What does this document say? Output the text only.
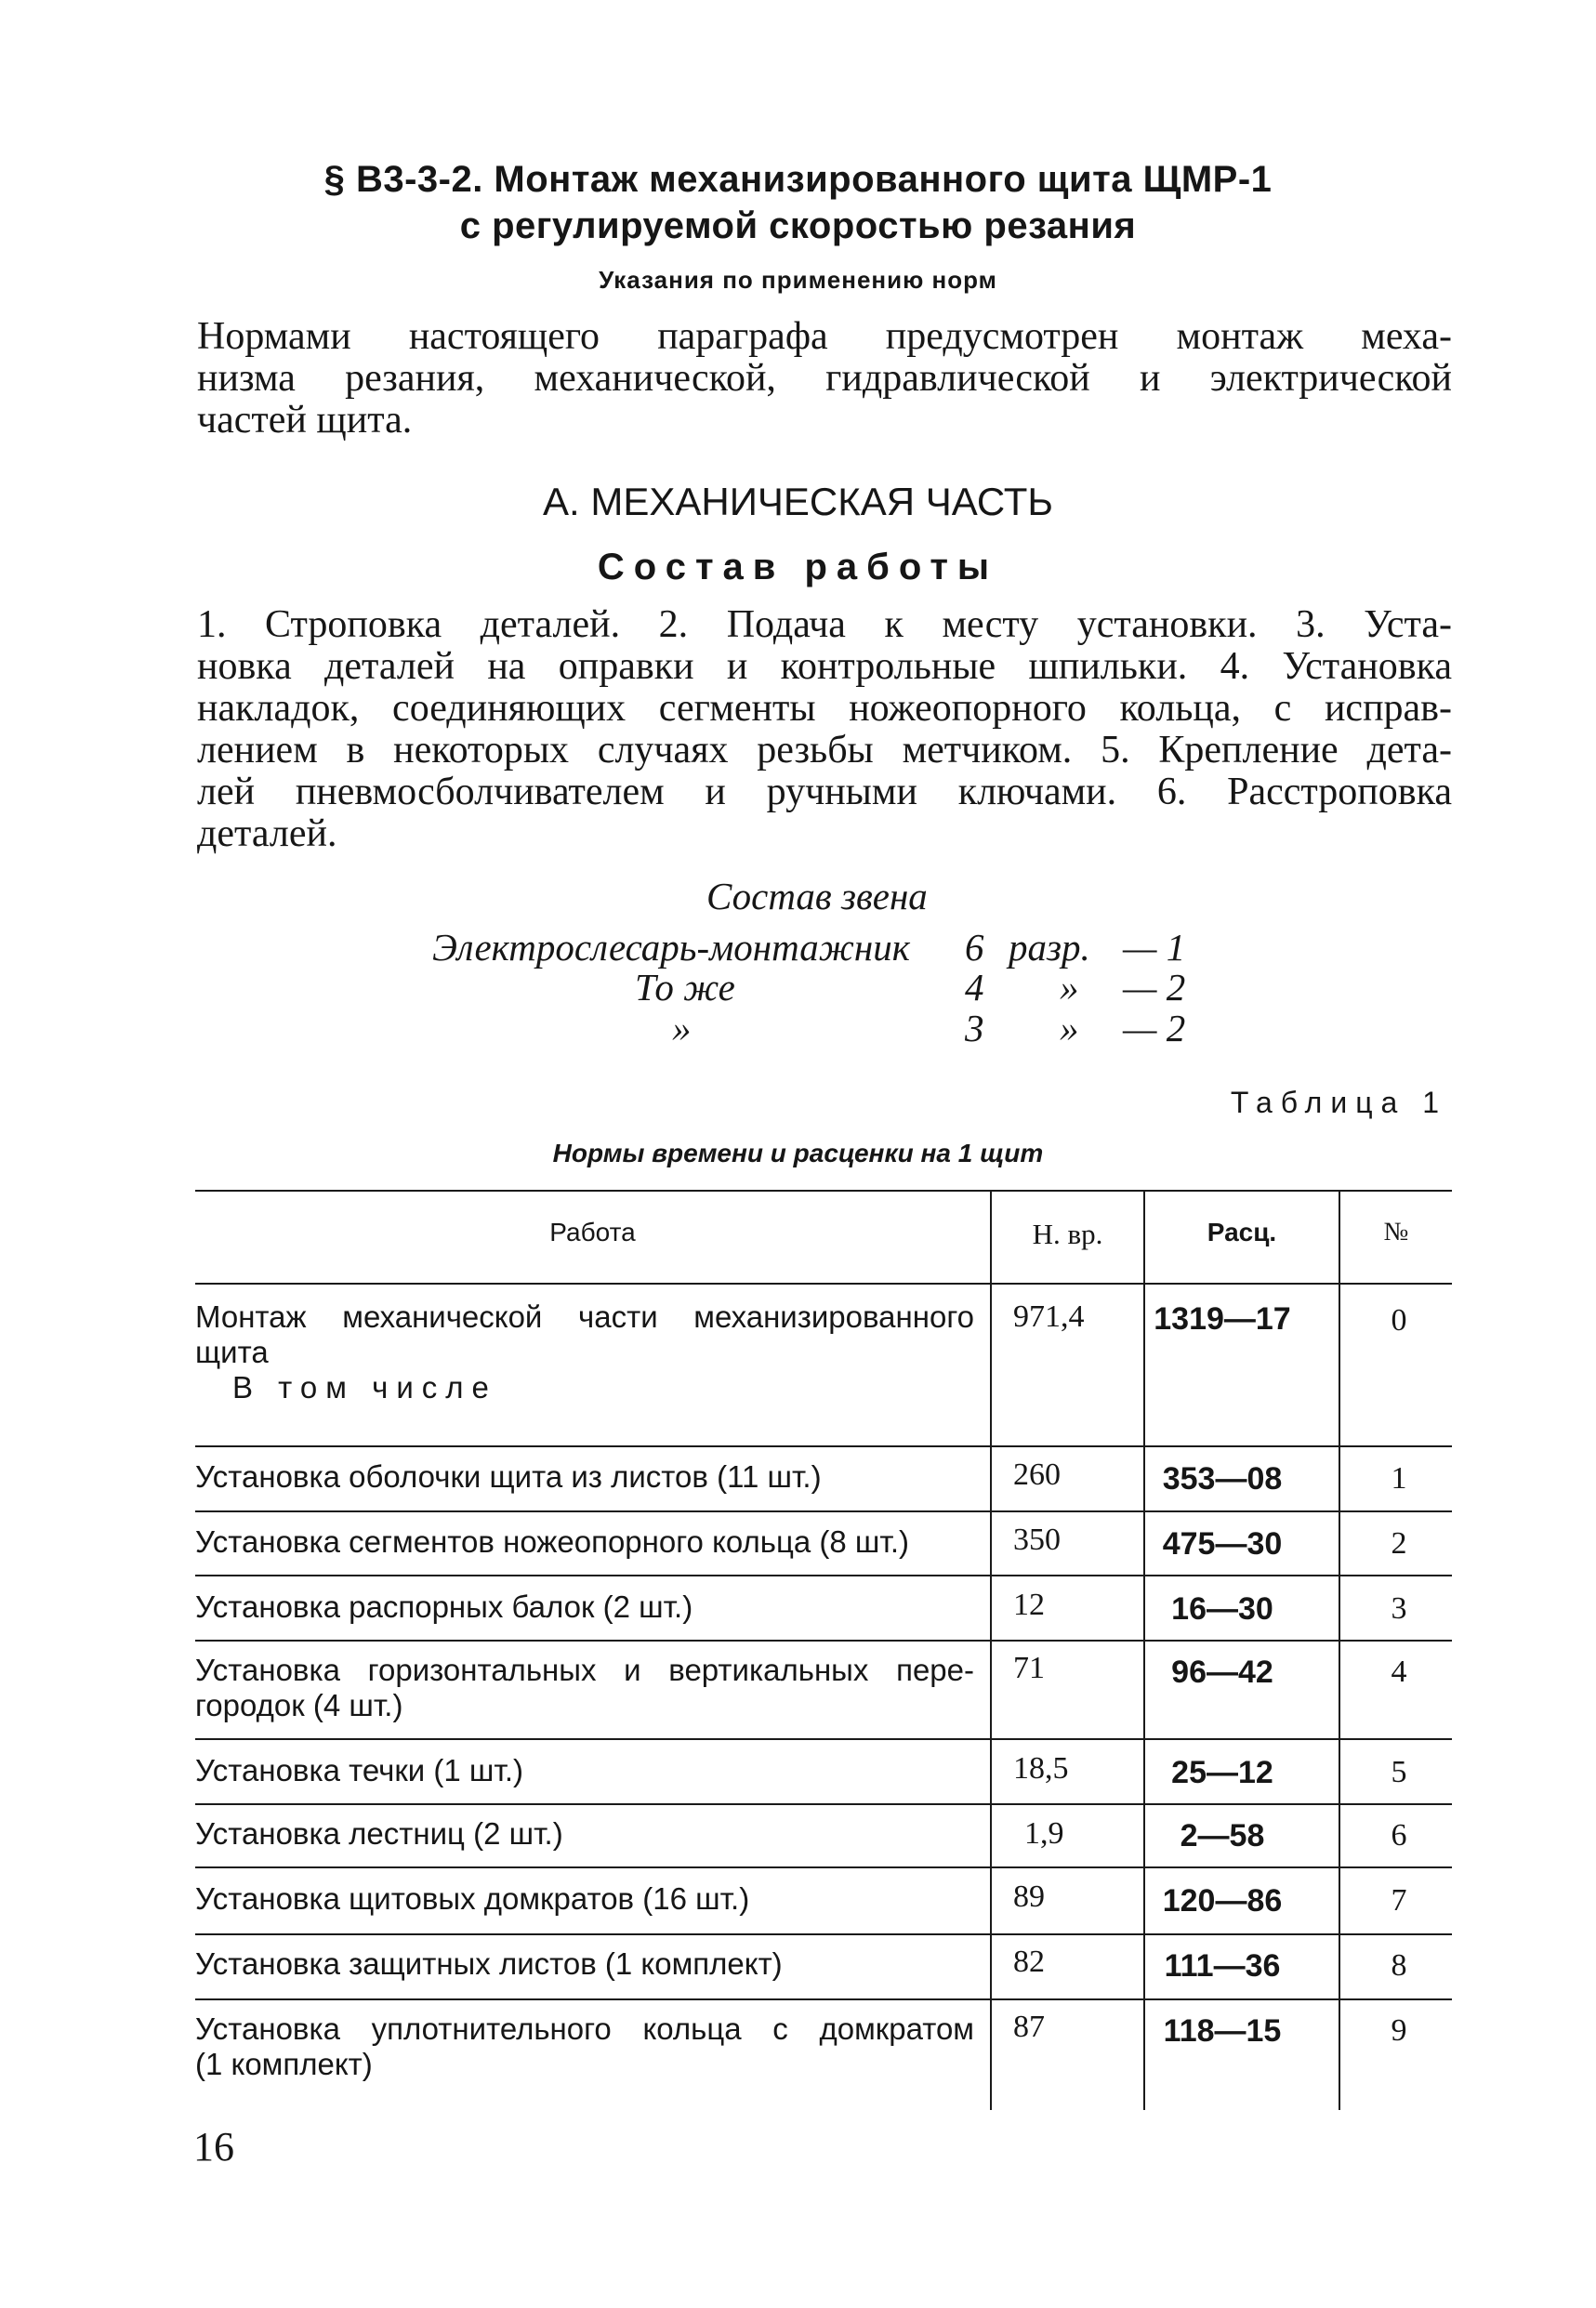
§ В3-3-2. Монтаж механизированного щита ЩМР-1
с регулируемой скоростью резания
Указания по применению норм
Нормами настоящего параграфа предусмотрен монтаж меха-
низма резания, механической, гидравлической и электрической
частей щита.
А. МЕХАНИЧЕСКАЯ ЧАСТЬ
Состав работы
1. Строповка деталей. 2. Подача к месту установки. 3. Уста-
новка деталей на оправки и контрольные шпильки. 4. Установка
накладок, соединяющих сегменты ножеопорного кольца, с исправ-
лением в некоторых случаях резьбы метчиком. 5. Крепление дета-
лей пневмосболчивателем и ручными ключами. 6. Расстроповка
деталей.
Состав звена
Электрослесарь-монтажник 6 разр. — 1
То же	4 » — 2
»	3 » — 2
Таблица 1
Нормы времени и расценки на 1 щит
Работа	Н. вр.	Расц.	№
Монтаж механической части механизированного
щита
В том числе
971,4	1319—17	0
Установка оболочки щита из листов (11 шт.)	260	353—08	1
Установка сегментов ножеопорного кольца (8 шт.)	350	475—30	2
Установка распорных балок (2 шт.)	12	16—30	3
Установка горизонтальных и вертикальных пере-
городок (4 шт.)
71	96—42	4
Установка течки (1 шт.)	18,5	25—12	5
Установка лестниц (2 шт.)	1,9	2—58	6
Установка щитовых домкратов (16 шт.)	89	120—86	7
Установка защитных листов (1 комплект)	82	111—36	8
Установка уплотнительного кольца с домкратом
(1 комплект)
87	118—15	9
16
